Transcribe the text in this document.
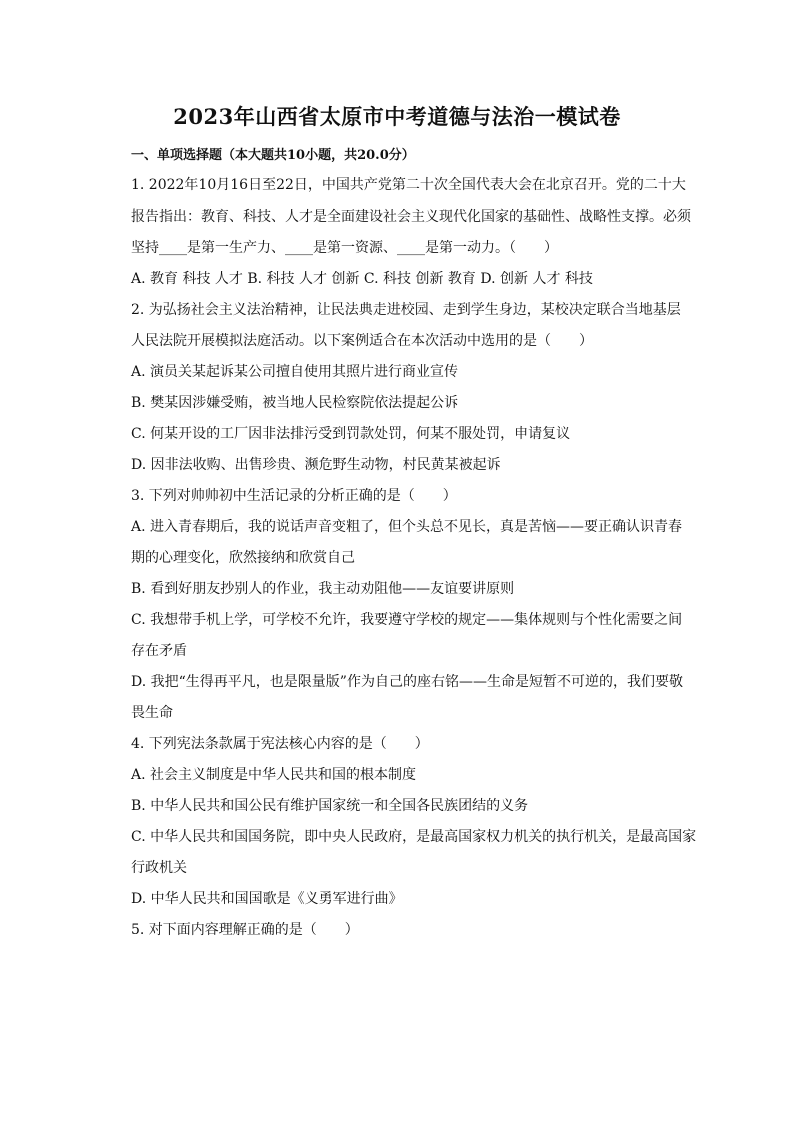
2023年山西省太原市中考道德与法治一模试卷
一、单项选择题（本大题共10小题，共20.0分）
1. 2022年10月16日至22日，中国共产党第二十次全国代表大会在北京召开。党的二十大
报告指出：教育、科技、人才是全面建设社会主义现代化国家的基础性、战略性支撑。必须
坚持____是第一生产力、____是第一资源、____是第一动力。（　　）
A. 教育 科技 人才 B. 科技 人才 创新 C. 科技 创新 教育 D. 创新 人才 科技
2. 为弘扬社会主义法治精神，让民法典走进校园、走到学生身边，某校决定联合当地基层
人民法院开展模拟法庭活动。以下案例适合在本次活动中选用的是（　　）
A. 演员关某起诉某公司擅自使用其照片进行商业宣传
B. 樊某因涉嫌受贿，被当地人民检察院依法提起公诉
C. 何某开设的工厂因非法排污受到罚款处罚，何某不服处罚，申请复议
D. 因非法收购、出售珍贵、濒危野生动物，村民黄某被起诉
3. 下列对帅帅初中生活记录的分析正确的是（　　）
A. 进入青春期后，我的说话声音变粗了，但个头总不见长，真是苦恼——要正确认识青春
期的心理变化，欣然接纳和欣赏自己
B. 看到好朋友抄别人的作业，我主动劝阻他——友谊要讲原则
C. 我想带手机上学，可学校不允许，我要遵守学校的规定——集体规则与个性化需要之间
存在矛盾
D. 我把“生得再平凡，也是限量版”作为自己的座右铭——生命是短暂不可逆的，我们要敬
畏生命
4. 下列宪法条款属于宪法核心内容的是（　　）
A. 社会主义制度是中华人民共和国的根本制度
B. 中华人民共和国公民有维护国家统一和全国各民族团结的义务
C. 中华人民共和国国务院，即中央人民政府，是最高国家权力机关的执行机关，是最高国家
行政机关
D. 中华人民共和国国歌是《义勇军进行曲》
5. 对下面内容理解正确的是（　　）
